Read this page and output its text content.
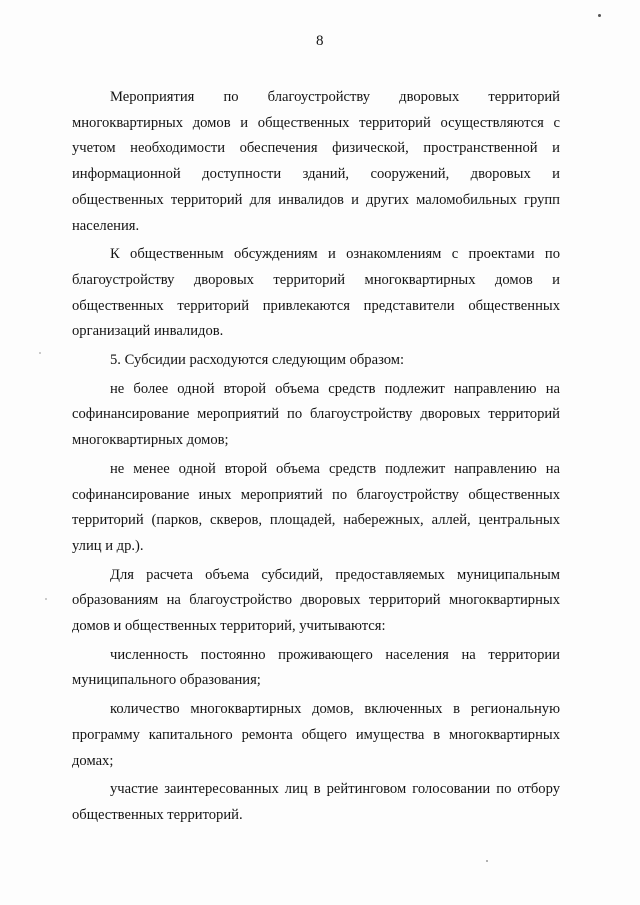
8

Мероприятия по благоустройству дворовых территорий многоквартирных домов и общественных территорий осуществляются с учетом необходимости обеспечения физической, пространственной и информационной доступности зданий, сооружений, дворовых и общественных территорий для инвалидов и других маломобильных групп населения.

К общественным обсуждениям и ознакомлениям с проектами по благоустройству дворовых территорий многоквартирных домов и общественных территорий привлекаются представители общественных организаций инвалидов.

5. Субсидии расходуются следующим образом:

не более одной второй объема средств подлежит направлению на софинансирование мероприятий по благоустройству дворовых территорий многоквартирных домов;

не менее одной второй объема средств подлежит направлению на софинансирование иных мероприятий по благоустройству общественных территорий (парков, скверов, площадей, набережных, аллей, центральных улиц и др.).

Для расчета объема субсидий, предоставляемых муниципальным образованиям на благоустройство дворовых территорий многоквартирных домов и общественных территорий, учитываются:

численность постоянно проживающего населения на территории муниципального образования;

количество многоквартирных домов, включенных в региональную программу капитального ремонта общего имущества в многоквартирных домах;

участие заинтересованных лиц в рейтинговом голосовании по отбору общественных территорий.
